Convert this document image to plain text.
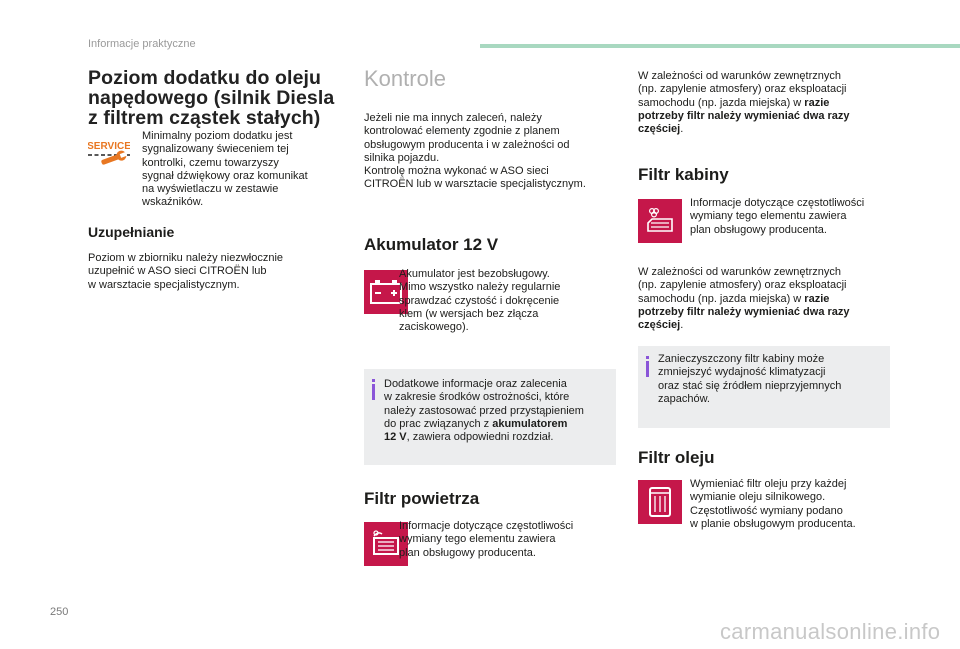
Informacje praktyczne
Poziom dodatku do oleju
napędowego (silnik Diesla
z filtrem cząstek stałych)
SERVICE
Minimalny poziom dodatku jest
sygnalizowany świeceniem tej
kontrolki, czemu towarzyszy
sygnał dźwiękowy oraz komunikat
na wyświetlaczu w zestawie
wskaźników.
Uzupełnianie
Poziom w zbiorniku należy niezwłocznie
uzupełnić w ASO sieci CITROËN lub
w warsztacie specjalistycznym.
Kontrole
Jeżeli nie ma innych zaleceń, należy
kontrolować elementy zgodnie z planem
obsługowym producenta i w zależności od
silnika pojazdu.
Kontrolę można wykonać w ASO sieci
CITROËN lub w warsztacie specjalistycznym.
Akumulator 12 V
Akumulator jest bezobsługowy.
Mimo wszystko należy regularnie
sprawdzać czystość i dokręcenie
klem (w wersjach bez złącza
zaciskowego).
Dodatkowe informacje oraz zalecenia
w zakresie środków ostrożności, które
należy zastosować przed przystąpieniem
do prac związanych z akumulatorem
12 V, zawiera odpowiedni rozdział.
Filtr powietrza
Informacje dotyczące częstotliwości
wymiany tego elementu zawiera
plan obsługowy producenta.
W zależności od warunków zewnętrznych
(np. zapylenie atmosfery) oraz eksploatacji
samochodu (np. jazda miejska) w razie
potrzeby filtr należy wymieniać dwa razy
częściej.
Filtr kabiny
Informacje dotyczące częstotliwości
wymiany tego elementu zawiera
plan obsługowy producenta.
W zależności od warunków zewnętrznych
(np. zapylenie atmosfery) oraz eksploatacji
samochodu (np. jazda miejska) w razie
potrzeby filtr należy wymieniać dwa razy
częściej.
Zanieczyszczony filtr kabiny może
zmniejszyć wydajność klimatyzacji
oraz stać się źródłem nieprzyjemnych
zapachów.
Filtr oleju
Wymieniać filtr oleju przy każdej
wymianie oleju silnikowego.
Częstotliwość wymiany podano
w planie obsługowym producenta.
250
carmanualsonline.info
